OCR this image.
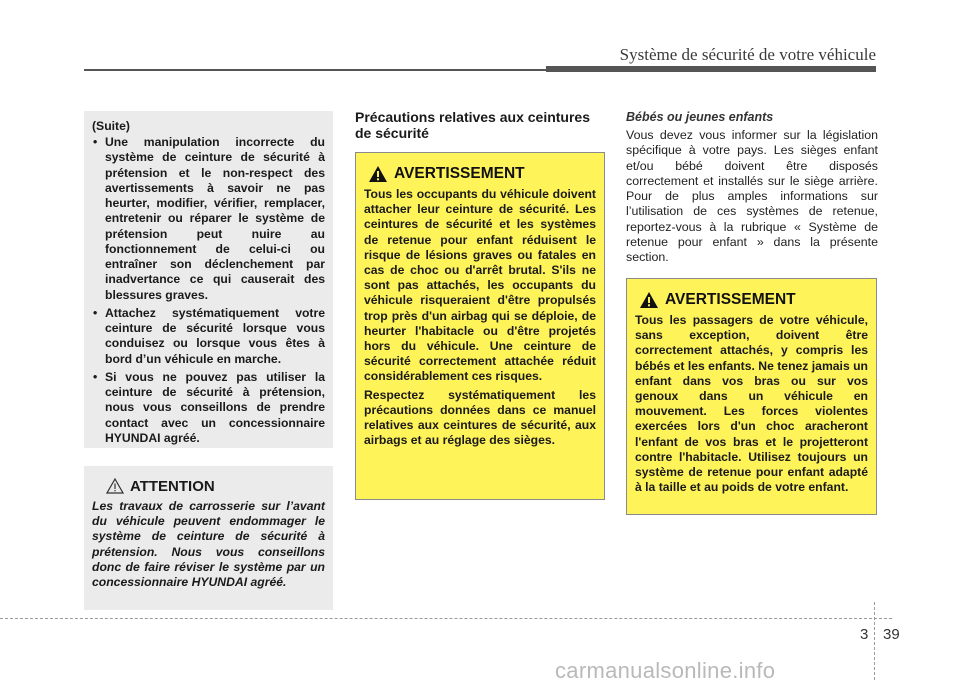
Système de sécurité de votre véhicule
(Suite)
• Une manipulation incorrecte du système de ceinture de sécurité à prétension et le non-respect des avertissements à savoir ne pas heurter, modifier, vérifier, remplacer, entretenir ou réparer le système de prétension peut nuire au fonctionnement de celui-ci ou entraîner son déclenchement par inadvertance ce qui causerait des blessures graves.
• Attachez systématiquement votre ceinture de sécurité lorsque vous conduisez ou lorsque vous êtes à bord d’un véhicule en marche.
• Si vous ne pouvez pas utiliser la ceinture de sécurité à prétension, nous vous conseillons de prendre contact avec un concessionnaire HYUNDAI agréé.
ATTENTION
Les travaux de carrosserie sur l’avant du véhicule peuvent endommager le système de ceinture de sécurité à prétension. Nous vous conseillons donc de faire réviser le système par un concessionnaire HYUNDAI agréé.
Précautions relatives aux ceintures de sécurité
AVERTISSEMENT

Tous les occupants du véhicule doivent attacher leur ceinture de sécurité. Les ceintures de sécurité et les systèmes de retenue pour enfant réduisent le risque de lésions graves ou fatales en cas de choc ou d'arrêt brutal. S'ils ne sont pas attachés, les occupants du véhicule risqueraient d'être propulsés trop près d'un airbag qui se déploie, de heurter l'habitacle ou d'être projetés hors du véhicule. Une ceinture de sécurité correctement attachée réduit considérablement ces risques.

Respectez systématiquement les précautions données dans ce manuel relatives aux ceintures de sécurité, aux airbags et au réglage des sièges.

Bébés ou jeunes enfants
Vous devez vous informer sur la législation spécifique à votre pays. Les sièges enfant et/ou bébé doivent être disposés correctement et installés sur le siège arrière. Pour de plus amples informations sur l’utilisation de ces systèmes de retenue, reportez-vous à la rubrique « Système de retenue pour enfant » dans la présente section.
AVERTISSEMENT

Tous les passagers de votre véhicule, sans exception, doivent être correctement attachés, y compris les bébés et les enfants. Ne tenez jamais un enfant dans vos bras ou sur vos genoux dans un véhicule en mouvement. Les forces violentes exercées lors d'un choc aracheront l'enfant de vos bras et le projetteront contre l'habitacle. Utilisez toujours un système de retenue pour enfant adapté à la taille et au poids de votre enfant.

3 39
carmanualsonline.info
